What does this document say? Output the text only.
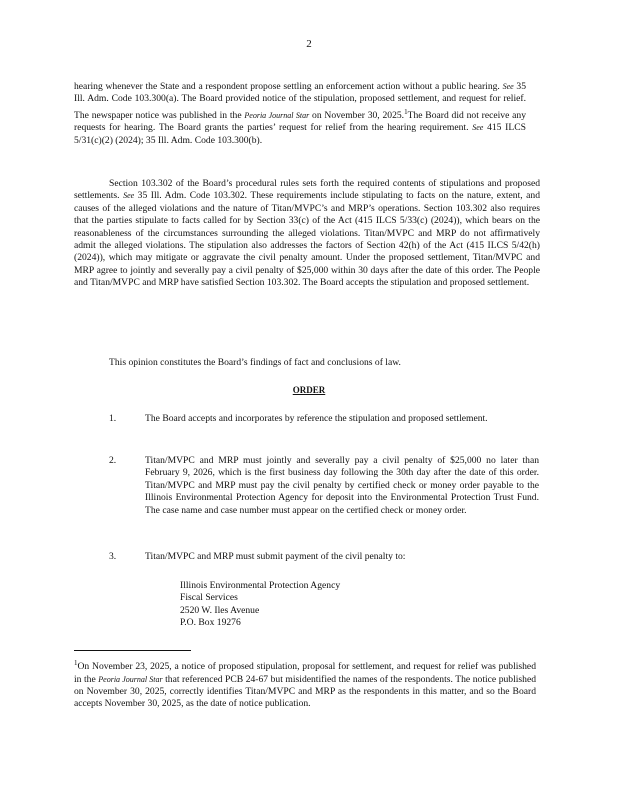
2
hearing whenever the State and a respondent propose settling an enforcement action without a public hearing. See 35 Ill. Adm. Code 103.300(a). The Board provided notice of the stipulation, proposed settlement, and request for relief. The newspaper notice was published in the Peoria Journal Star on November 30, 2025.$^1$The Board did not receive any requests for hearing. The Board grants the parties’ request for relief from the hearing requirement. See 415 ILCS 5/31(c)(2) (2024); 35 Ill. Adm. Code 103.300(b).
Section 103.302 of the Board’s procedural rules sets forth the required contents of stipulations and proposed settlements. See 35 Ill. Adm. Code 103.302. These requirements include stipulating to facts on the nature, extent, and causes of the alleged violations and the nature of Titan/MVPC’s and MRP’s operations. Section 103.302 also requires that the parties stipulate to facts called for by Section 33(c) of the Act (415 ILCS 5/33(c) (2024)), which bears on the reasonableness of the circumstances surrounding the alleged violations. Titan/MVPC and MRP do not affirmatively admit the alleged violations. The stipulation also addresses the factors of Section 42(h) of the Act (415 ILCS 5/42(h) (2024)), which may mitigate or aggravate the civil penalty amount. Under the proposed settlement, Titan/MVPC and MRP agree to jointly and severally pay a civil penalty of $25,000 within 30 days after the date of this order. The People and Titan/MVPC and MRP have satisfied Section 103.302. The Board accepts the stipulation and proposed settlement.
This opinion constitutes the Board’s findings of fact and conclusions of law.
ORDER
1.	The Board accepts and incorporates by reference the stipulation and proposed settlement.
2.	Titan/MVPC and MRP must jointly and severally pay a civil penalty of $25,000 no later than February 9, 2026, which is the first business day following the 30th day after the date of this order. Titan/MVPC and MRP must pay the civil penalty by certified check or money order payable to the Illinois Environmental Protection Agency for deposit into the Environmental Protection Trust Fund. The case name and case number must appear on the certified check or money order.
3.	Titan/MVPC and MRP must submit payment of the civil penalty to:
Illinois Environmental Protection Agency
Fiscal Services
2520 W. Iles Avenue
P.O. Box 19276
$^1$On November 23, 2025, a notice of proposed stipulation, proposal for settlement, and request for relief was published in the Peoria Journal Star that referenced PCB 24-67 but misidentified the names of the respondents. The notice published on November 30, 2025, correctly identifies Titan/MVPC and MRP as the respondents in this matter, and so the Board accepts November 30, 2025, as the date of notice publication.
